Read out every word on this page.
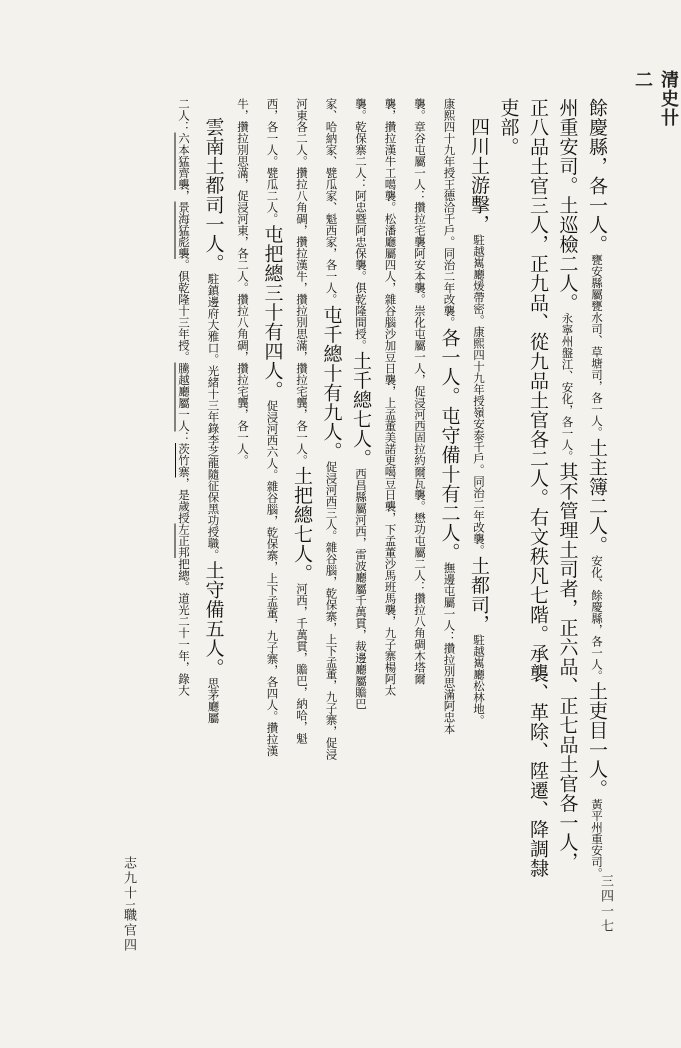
清史卄二
餘慶縣，各一人。甕安縣屬甕水司、草塘司，各一人。土主簿二人。安化、餘慶縣，各一人。土吏目一人。黃平州重安司。
州重安司。土巡檢二人。永寧州盤江、安化，各一人。其不管理土司者，正六品、正七品土官各一人，
正八品土官三人，正九品、從九品土官各二人。右文秩凡七階。承襲、革除、陞遷、降調隸
吏部。
四川土游擊，駐越嶲廳煖帶密。康熙四十九年授嶺安泰千戶。同治二年改襲。土都司，駐越嶲廳松林地。
康熙四十九年授王德洽千戶。同治二年改襲。各一人。屯守備十有二人。撫邊屯屬一人：攢拉別思滿阿忠本
襲。章谷屯屬一人：攢拉宅襲阿安本襲。崇化屯屬一人，促浸河西固拉約爾瓦襲。懋功屯屬二人：攢拉八角碉木塔爾
襲，攢拉漢牛工噶襲。松潘廳屬四人，雜谷腦沙加豆日襲，上孟董美諾更噶豆日襲，下孟董沙馬班馬襲，九子寨楊阿太
襲。乾保寨二人：阿忠暨阿忠保襲。俱乾隆間授。土千總七人。西昌縣屬河西，雷波廳屬千萬貫，裁邊廳屬贍巴
家、哈納家、甓瓜家、魁西家，各一人。屯千總十有九人。促浸河西三人。雜谷腦，乾保寨，上下孟董，九子寨，促浸
河東各二人。攢拉八角碉，攢拉漢牛，攢拉別思滿，攢拉宅龔，各一人。土把總七人。河西，千萬貫，贍巴，納哈，魁
西，各一人。甓瓜二人。屯把總三十有四人。促浸河西六人。雜谷腦，乾保寨，上下孟董，九子寨，各四人。攢拉漢
牛，攢拉別思滿，促浸河東，各二人。攢拉八角碉，攢拉宅龔，各一人。
雲南土都司一人。駐鎮邊府大雅口。光緒十三年錄李芝龍隨征保黑功授職。土守備五人。思茅廳屬
二人：六本猛齊襲，景海猛彪襲。俱乾隆十三年授。騰越廳屬一人：茨竹寨，是歲授左正邦把總。道光二十一年，錄大
志九十二
職官四	三四一七
